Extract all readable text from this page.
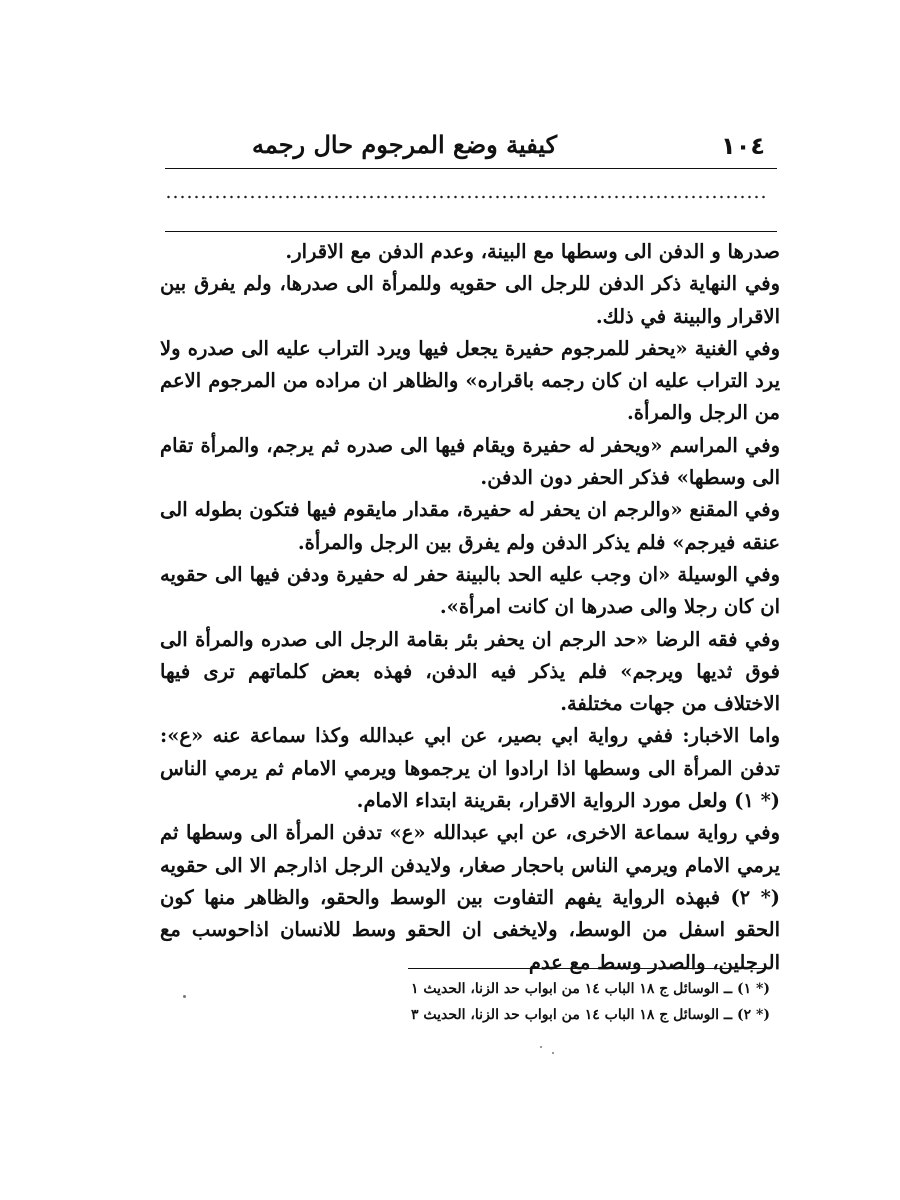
١٠٤
كيفية وضع المرجوم حال رجمه

صدرها و الدفن الى وسطها مع البينة، وعدم الدفن مع الاقرار.

وفي النهاية ذكر الدفن للرجل الى حقويه وللمرأة الى صدرها، ولم يفرق بين الاقرار والبينة في ذلك.

وفي الغنية «يحفر للمرجوم حفيرة يجعل فيها ويرد التراب عليه الى صدره ولا يرد التراب عليه ان كان رجمه باقراره» والظاهر ان مراده من المرجوم الاعم من الرجل والمرأة.

وفي المراسم «ويحفر له حفيرة ويقام فيها الى صدره ثم يرجم، والمرأة تقام الى وسطها» فذكر الحفر دون الدفن.

وفي المقنع «والرجم ان يحفر له حفيرة، مقدار مايقوم فيها فتكون بطوله الى عنقه فيرجم» فلم يذكر الدفن ولم يفرق بين الرجل والمرأة.

وفي الوسيلة «ان وجب عليه الحد بالبينة حفر له حفيرة ودفن فيها الى حقويه ان كان رجلا والى صدرها ان كانت امرأة».

وفي فقه الرضا «حد الرجم ان يحفر بئر بقامة الرجل الى صدره والمرأة الى فوق ثديها ويرجم» فلم يذكر فيه الدفن، فهذه بعض كلماتهم ترى فيها الاختلاف من جهات مختلفة.

واما الاخبار: ففي رواية ابي بصير، عن ابي عبدالله وكذا سماعة عنه «ع»: تدفن المرأة الى وسطها اذا ارادوا ان يرجموها ويرمي الامام ثم يرمي الناس (* ١) ولعل مورد الرواية الاقرار، بقرينة ابتداء الامام.

وفي رواية سماعة الاخرى، عن ابي عبدالله «ع» تدفن المرأة الى وسطها ثم يرمي الامام ويرمي الناس باحجار صغار، ولايدفن الرجل اذارجم الا الى حقويه (* ٢) فبهذه الرواية يفهم التفاوت بين الوسط والحقو، والظاهر منها كون الحقو اسفل من الوسط، ولايخفى ان الحقو وسط للانسان اذاحوسب مع الرجلين، والصدر وسط مع عدم

(* ١) ــ الوسائل ج ١٨ الباب ١٤ من ابواب حد الزنا، الحديث ١
(* ٢) ــ الوسائل ج ١٨ الباب ١٤ من ابواب حد الزنا، الحديث ٣
